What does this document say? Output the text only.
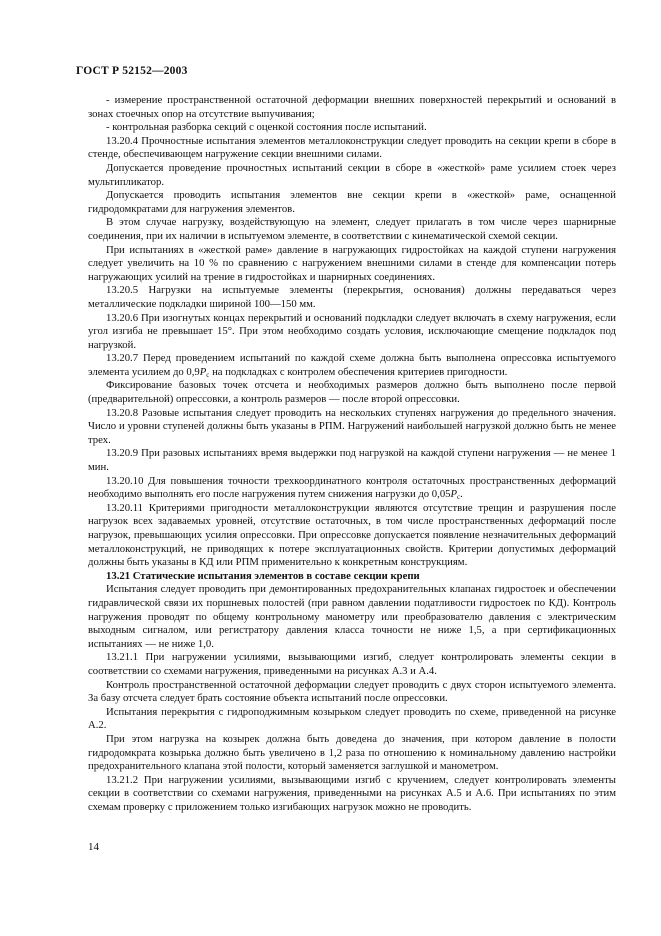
ГОСТ Р 52152—2003

- измерение пространственной остаточной деформации внешних поверхностей перекрытий и оснований в зонах стоечных опор на отсутствие выпучивания;

- контрольная разборка секций с оценкой состояния после испытаний.

13.20.4 Прочностные испытания элементов металлоконструкции следует проводить на секции крепи в сборе в стенде, обеспечивающем нагружение секции внешними силами.

Допускается проведение прочностных испытаний секции в сборе в «жесткой» раме усилием стоек через мультипликатор.

Допускается проводить испытания элементов вне секции крепи в «жесткой» раме, оснащенной гидродомкратами для нагружения элементов.

В этом случае нагрузку, воздействующую на элемент, следует прилагать в том числе через шарнирные соединения, при их наличии в испытуемом элементе, в соответствии с кинематической схемой секции.

При испытаниях в «жесткой раме» давление в нагружающих гидростойках на каждой ступени нагружения следует увеличить на 10 % по сравнению с нагружением внешними силами в стенде для компенсации потерь нагружающих усилий на трение в гидростойках и шарнирных соединениях.

13.20.5 Нагрузки на испытуемые элементы (перекрытия, основания) должны передаваться через металлические подкладки шириной 100—150 мм.

13.20.6 При изогнутых концах перекрытий и оснований подкладки следует включать в схему нагружения, если угол изгиба не превышает 15°. При этом необходимо создать условия, исключающие смещение подкладок под нагрузкой.

13.20.7 Перед проведением испытаний по каждой схеме должна быть выполнена опрессовка испытуемого элемента усилием до $0,9P_c$ на подкладках с контролем обеспечения критериев пригодности.

Фиксирование базовых точек отсчета и необходимых размеров должно быть выполнено после первой (предварительной) опрессовки, а контроль размеров — после второй опрессовки.

13.20.8 Разовые испытания следует проводить на нескольких ступенях нагружения до предельного значения. Число и уровни ступеней должны быть указаны в РПМ. Нагружений наибольшей нагрузкой должно быть не менее трех.

13.20.9 При разовых испытаниях время выдержки под нагрузкой на каждой ступени нагружения — не менее 1 мин.

13.20.10 Для повышения точности трехкоординатного контроля остаточных пространственных деформаций необходимо выполнять его после нагружения путем снижения нагрузки до $0,05P_c$.

13.20.11 Критериями пригодности металлоконструкции являются отсутствие трещин и разрушения после нагрузок всех задаваемых уровней, отсутствие остаточных, в том числе пространственных деформаций после нагрузок, превышающих усилия опрессовки. При опрессовке допускается появление незначительных деформаций металлоконструкций, не приводящих к потере эксплуатационных свойств. Критерии допустимых деформаций должны быть указаны в КД или РПМ применительно к конкретным конструкциям.

13.21 Статические испытания элементов в составе секции крепи

Испытания следует проводить при демонтированных предохранительных клапанах гидростоек и обеспечении гидравлической связи их поршневых полостей (при равном давлении податливости гидростоек по КД). Контроль нагружения проводят по общему контрольному манометру или преобразователю давления с электрическим выходным сигналом, или регистратору давления класса точности не ниже 1,5, а при сертификационных испытаниях — не ниже 1,0.

13.21.1 При нагружении усилиями, вызывающими изгиб, следует контролировать элементы секции в соответствии со схемами нагружения, приведенными на рисунках А.3 и А.4.

Контроль пространственной остаточной деформации следует проводить с двух сторон испытуемого элемента. За базу отсчета следует брать состояние объекта испытаний после опрессовки.

Испытания перекрытия с гидроподжимным козырьком следует проводить по схеме, приведенной на рисунке А.2.

При этом нагрузка на козырек должна быть доведена до значения, при котором давление в полости гидродомкрата козырька должно быть увеличено в 1,2 раза по отношению к номинальному давлению настройки предохранительного клапана этой полости, который заменяется заглушкой и манометром.

13.21.2 При нагружении усилиями, вызывающими изгиб с кручением, следует контролировать элементы секции в соответствии со схемами нагружения, приведенными на рисунках А.5 и А.6. При испытаниях по этим схемам проверку с приложением только изгибающих нагрузок можно не проводить.

14
